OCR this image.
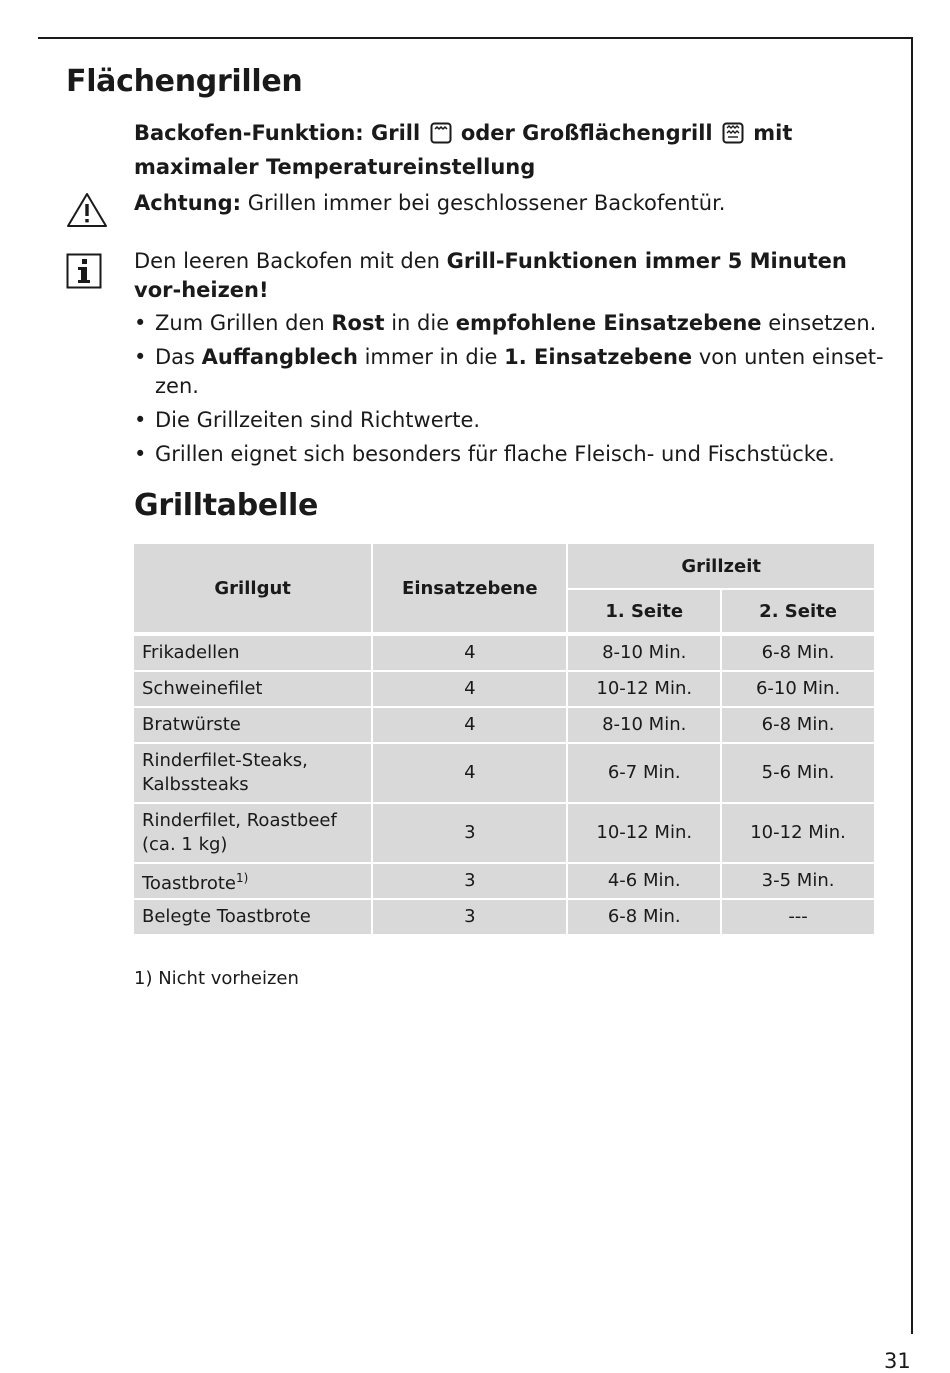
Flächengrillen

Backofen-Funktion: Grill oder Großflächengrill mit maximaler Temperatureinstellung

Achtung: Grillen immer bei geschlossener Backofentür.

Den leeren Backofen mit den Grill-Funktionen immer 5 Minuten vor-heizen!

• Zum Grillen den Rost in die empfohlene Einsatzebene einsetzen.
• Das Auffangblech immer in die 1. Einsatzebene von unten einset-zen.
• Die Grillzeiten sind Richtwerte.
• Grillen eignet sich besonders für flache Fleisch- und Fischstücke.
Grilltabelle
Grillgut	Einsatzebene	Grillzeit	
		1. Seite	2. Seite

Frikadellen	4	8-10 Min.	6-8 Min.
Schweinefilet	4	10-12 Min.	6-10 Min.
Bratwürste	4	8-10 Min.	6-8 Min.
Rinderfilet-Steaks,
Kalbssteaks	4	6-7 Min.	5-6 Min.
Rinderfilet, Roastbeef
(ca. 1 kg)	3	10-12 Min.	10-12 Min.
Toastbrote$^{1)}$	3	4-6 Min.	3-5 Min.
Belegte Toastbrote	3	6-8 Min.	---

1) Nicht vorheizen

31
